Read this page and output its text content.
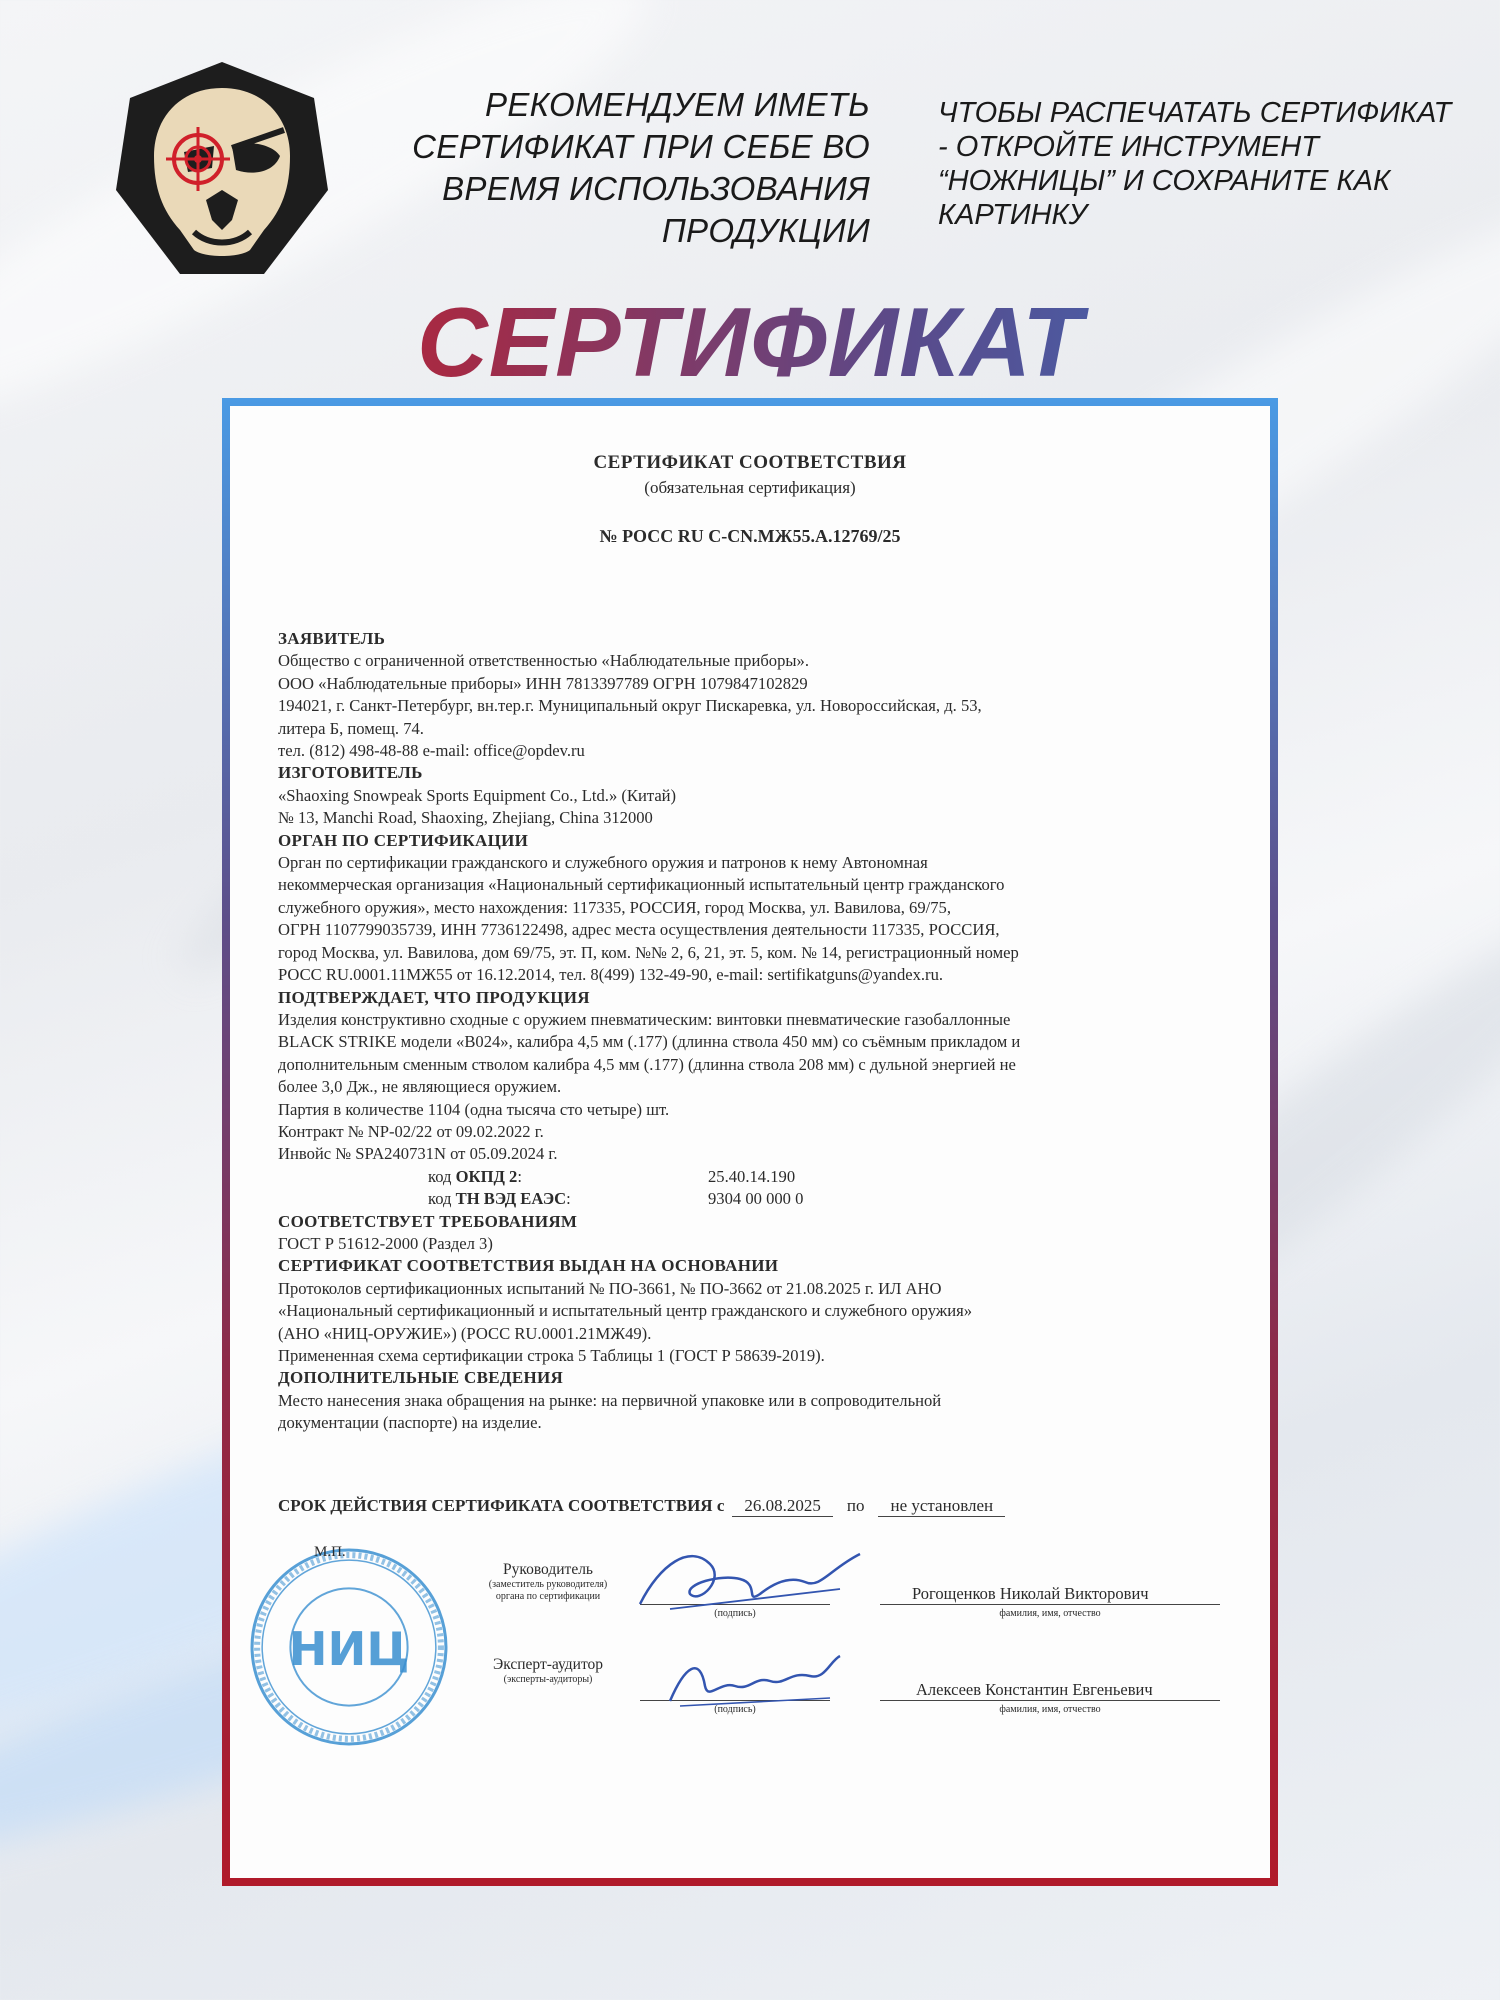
РЕКОМЕНДУЕМ ИМЕТЬ СЕРТИФИКАТ ПРИ СЕБЕ ВО ВРЕМЯ ИСПОЛЬЗОВАНИЯ ПРОДУКЦИИ
ЧТОБЫ РАСПЕЧАТАТЬ СЕРТИФИКАТ - ОТКРОЙТЕ ИНСТРУМЕНТ “НОЖНИЦЫ” И СОХРАНИТЕ КАК КАРТИНКУ
СЕРТИФИКАТ
СЕРТИФИКАТ СООТВЕТСТВИЯ
(обязательная сертификация)
№ РОСС RU С-CN.МЖ55.А.12769/25
ЗАЯВИТЕЛЬ
Общество с ограниченной ответственностью «Наблюдательные приборы».
ООО «Наблюдательные приборы» ИНН 7813397789 ОГРН 1079847102829
194021, г. Санкт-Петербург, вн.тер.г. Муниципальный округ Пискаревка, ул. Новороссийская, д. 53,
литера Б, помещ. 74.
тел. (812) 498-48-88 e-mail: office@opdev.ru
ИЗГОТОВИТЕЛЬ
«Shaoxing Snowpeak Sports Equipment Co., Ltd.» (Китай)
№ 13, Manchi Road, Shaoxing, Zhejiang, China 312000
ОРГАН ПО СЕРТИФИКАЦИИ
Орган по сертификации гражданского и служебного оружия и патронов к нему Автономная
некоммерческая организация «Национальный сертификационный испытательный центр гражданского
служебного оружия», место нахождения: 117335, РОССИЯ, город Москва, ул. Вавилова, 69/75,
ОГРН 1107799035739, ИНН 7736122498, адрес места осуществления деятельности 117335, РОССИЯ,
город Москва, ул. Вавилова, дом 69/75, эт. П, ком. №№ 2, 6, 21, эт. 5, ком. № 14, регистрационный номер
РОСС RU.0001.11МЖ55 от 16.12.2014, тел. 8(499) 132-49-90, e-mail: sertifikatguns@yandex.ru.
ПОДТВЕРЖДАЕТ, ЧТО ПРОДУКЦИЯ
Изделия конструктивно сходные с оружием пневматическим: винтовки пневматические газобаллонные
BLACK STRIKE модели «B024», калибра 4,5 мм (.177) (длинна ствола 450 мм) со съёмным прикладом и
дополнительным сменным стволом калибра 4,5 мм (.177) (длинна ствола 208 мм) с дульной энергией не
более 3,0 Дж., не являющиеся оружием.
Партия в количестве 1104 (одна тысяча сто четыре) шт.
Контракт № NP-02/22 от 09.02.2022 г.
Инвойс № SPA240731N от 05.09.2024 г.
код ОКПД 2:	25.40.14.190
код ТН ВЭД ЕАЭС:	9304 00 000 0
СООТВЕТСТВУЕТ ТРЕБОВАНИЯМ
ГОСТ Р 51612-2000 (Раздел 3)
СЕРТИФИКАТ СООТВЕТСТВИЯ ВЫДАН НА ОСНОВАНИИ
Протоколов сертификационных испытаний № ПО-3661, № ПО-3662 от 21.08.2025 г. ИЛ АНО
«Национальный сертификационный и испытательный центр гражданского и служебного оружия»
(АНО «НИЦ-ОРУЖИЕ») (РОСС RU.0001.21МЖ49).
Примененная схема сертификации строка 5 Таблицы 1 (ГОСТ Р 58639-2019).
ДОПОЛНИТЕЛЬНЫЕ СВЕДЕНИЯ
Место нанесения знака обращения на рынке: на первичной упаковке или в сопроводительной
документации (паспорте) на изделие.
СРОК ДЕЙСТВИЯ СЕРТИФИКАТА СООТВЕТСТВИЯ с 26.08.2025 по не установлен
НИЦ
М.П.
Руководитель
(заместитель руководителя)
органа по сертификации
(подпись)
Рогощенков Николай Викторович
фамилия, имя, отчество
Эксперт-аудитор
(эксперты-аудиторы)
(подпись)
Алексеев Константин Евгеньевич
фамилия, имя, отчество
